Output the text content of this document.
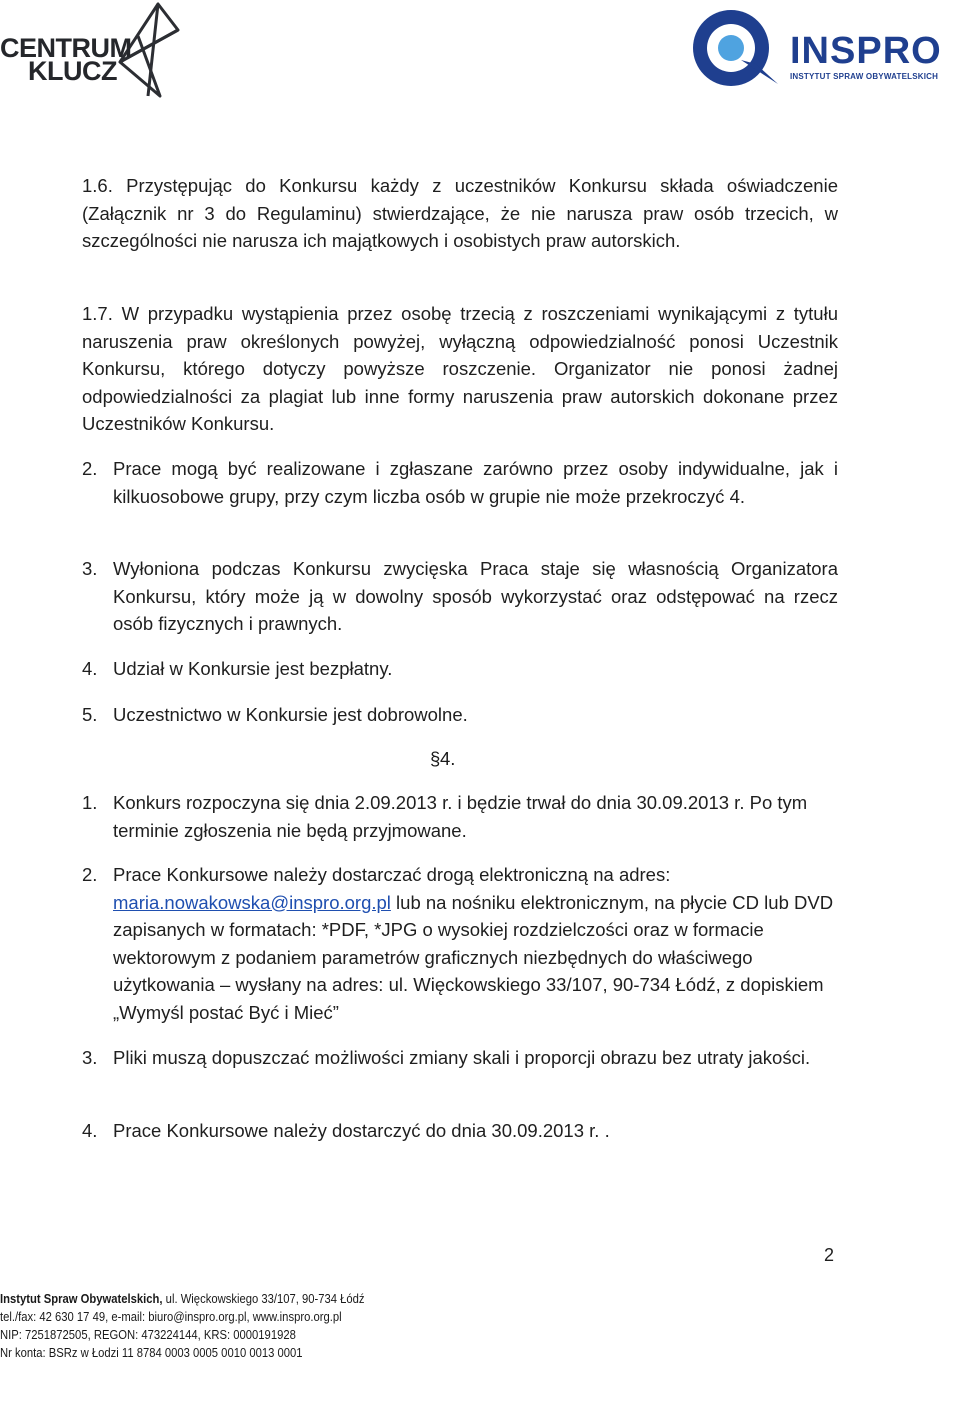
CENTRUM
KLUCZ	INSPRO
INSTYTUT SPRAW OBYWATELSKICH
1.6. Przystępując do Konkursu każdy z uczestników Konkursu składa oświadczenie (Załącznik nr 3 do Regulaminu) stwierdzające, że nie narusza praw osób trzecich, w szczególności nie narusza ich majątkowych i osobistych praw autorskich.
1.7. W przypadku wystąpienia przez osobę trzecią z roszczeniami wynikającymi z tytułu naruszenia praw określonych powyżej, wyłączną odpowiedzialność ponosi Uczestnik Konkursu, którego dotyczy powyższe roszczenie. Organizator nie ponosi żadnej odpowiedzialności za plagiat lub inne formy naruszenia praw autorskich dokonane przez Uczestników Konkursu.
2. Prace mogą być realizowane i zgłaszane zarówno przez osoby indywidualne, jak i kilkuosobowe grupy, przy czym liczba osób w grupie nie może przekroczyć 4.
3. Wyłoniona podczas Konkursu zwycięska Praca staje się własnością Organizatora Konkursu, który może ją w dowolny sposób wykorzystać oraz odstępować na rzecz osób fizycznych i prawnych.
4. Udział w Konkursie jest bezpłatny.
5. Uczestnictwo w Konkursie jest dobrowolne.
§ 4.
1. Konkurs rozpoczyna się dnia 2.09.2013 r. i będzie trwał do dnia 30.09.2013 r. Po tym terminie zgłoszenia nie będą przyjmowane.
2. Prace Konkursowe należy dostarczać drogą elektroniczną na adres: maria.nowakowska@inspro.org.pl lub na nośniku elektronicznym, na płycie CD lub DVD zapisanych w formatach: *PDF, *JPG o wysokiej rozdzielczości oraz w formacie wektorowym z podaniem parametrów graficznych niezbędnych do właściwego użytkowania – wysłany na adres: ul. Więckowskiego 33/107, 90-734 Łódź, z dopiskiem „Wymyśl postać Być i Mieć”
3. Pliki muszą dopuszczać możliwości zmiany skali i proporcji obrazu bez utraty jakości.
4. Prace Konkursowe należy dostarczyć do dnia 30.09.2013 r. .
2
Instytut Spraw Obywatelskich, ul. Więckowskiego 33/107, 90-734 Łódź
tel./fax: 42 630 17 49, e-mail: biuro@inspro.org.pl, www.inspro.org.pl
NIP: 7251872505, REGON: 473224144, KRS: 0000191928
Nr konta: BSRz w Łodzi 11 8784 0003 0005 0010 0013 0001
